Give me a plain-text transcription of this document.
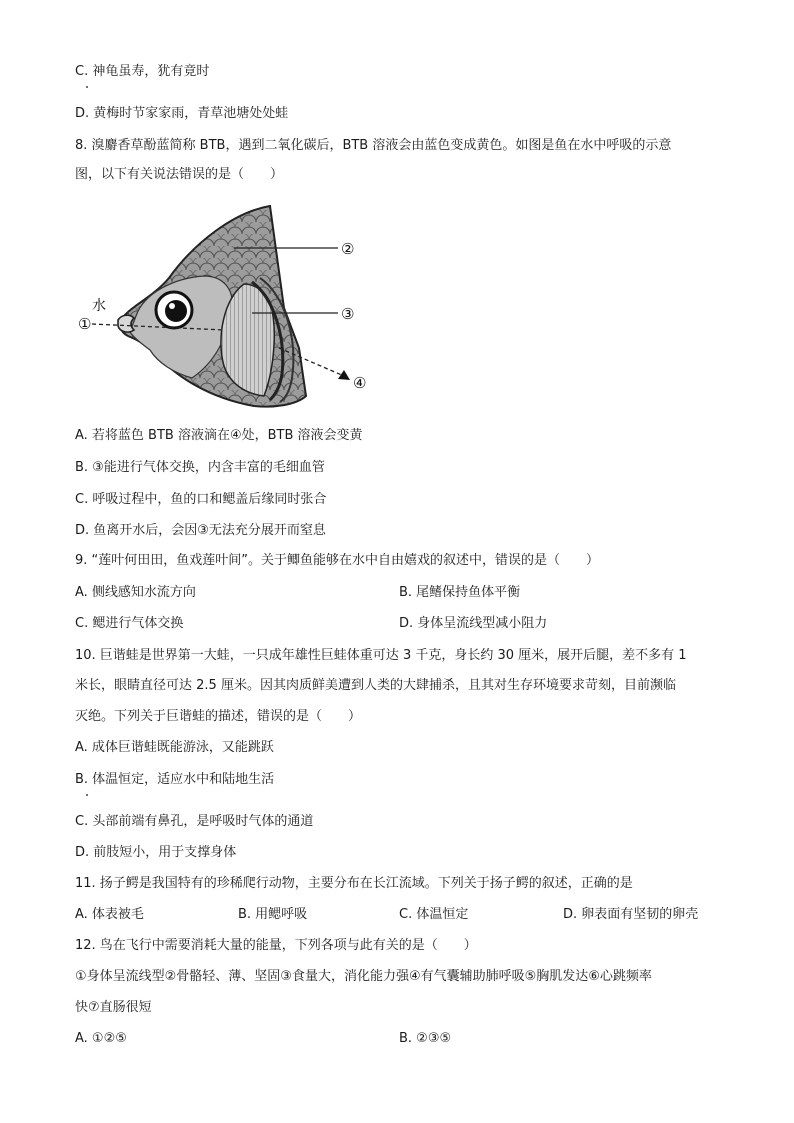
C. 神龟虽寿，犹有竟时
D. 黄梅时节家家雨，青草池塘处处蛙
8. 溴麝香草酚蓝简称 BTB，遇到二氧化碳后，BTB 溶液会由蓝色变成黄色。如图是鱼在水中呼吸的示意
图，以下有关说法错误的是（　　）
水
①
②
③
④
A. 若将蓝色 BTB 溶液滴在④处，BTB 溶液会变黄
B. ③能进行气体交换，内含丰富的毛细血管
C. 呼吸过程中，鱼的口和鳃盖后缘同时张合
D. 鱼离开水后，会因③无法充分展开而窒息
9. “莲叶何田田，鱼戏莲叶间”。关于鲫鱼能够在水中自由嬉戏的叙述中，错误的是（　　）
A. 侧线感知水流方向	B. 尾鳍保持鱼体平衡
C. 鳃进行气体交换	D. 身体呈流线型减小阻力
10. 巨谐蛙是世界第一大蛙，一只成年雄性巨蛙体重可达 3 千克，身长约 30 厘米，展开后腿，差不多有 1
米长，眼睛直径可达 2.5 厘米。因其肉质鲜美遭到人类的大肆捕杀，且其对生存环境要求苛刻，目前濒临
灭绝。下列关于巨谐蛙的描述，错误的是（　　）
A. 成体巨谐蛙既能游泳，又能跳跃
B. 体温恒定，适应水中和陆地生活
C. 头部前端有鼻孔，是呼吸时气体的通道
D. 前肢短小，用于支撑身体
11. 扬子鳄是我国特有的珍稀爬行动物，主要分布在长江流域。下列关于扬子鳄的叙述，正确的是
A. 体表被毛	B. 用鳃呼吸	C. 体温恒定	D. 卵表面有坚韧的卵壳
12. 鸟在飞行中需要消耗大量的能量，下列各项与此有关的是（　　）
①身体呈流线型②骨骼轻、薄、坚固③食量大，消化能力强④有气囊辅助肺呼吸⑤胸肌发达⑥心跳频率
快⑦直肠很短
A. ①②⑤	B. ②③⑤
